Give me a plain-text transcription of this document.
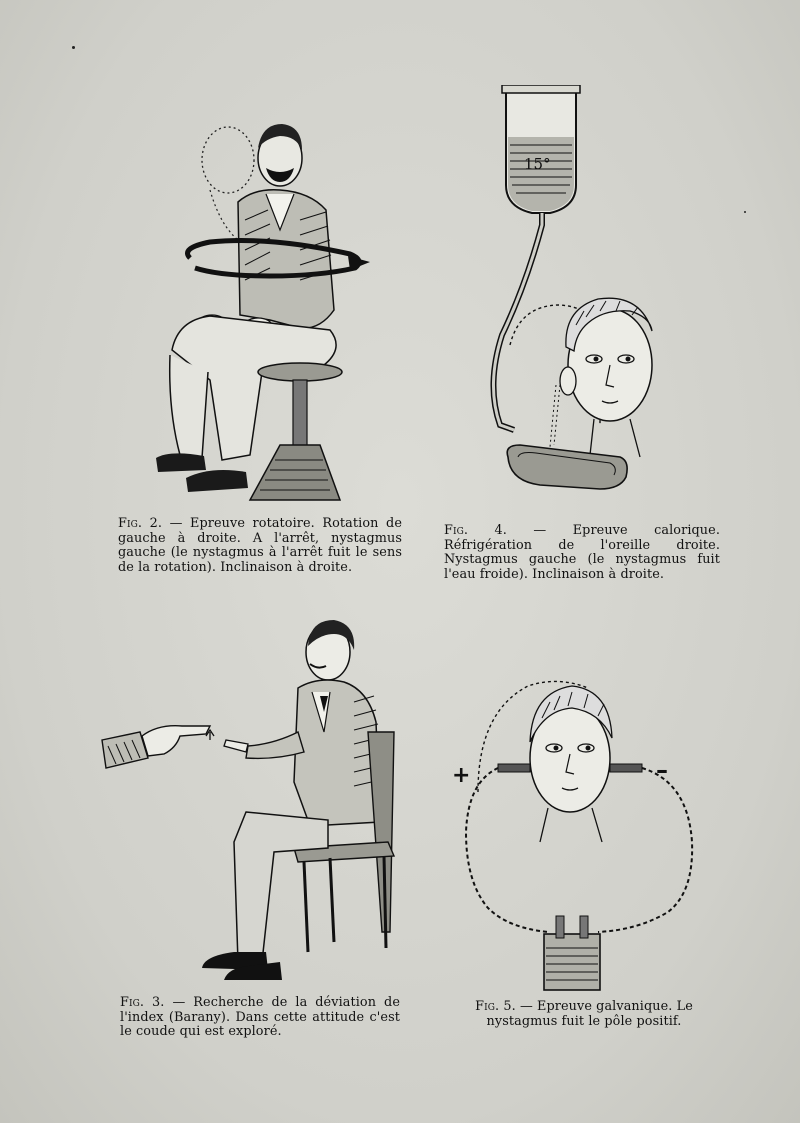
15°
Fig. 2. — Epreuve rotatoire. Rotation de gauche à droite. A l'arrêt, nystagmus gauche (le nystagmus à l'arrêt fuit le sens de la rotation). Inclinaison à droite.
Fig. 4. — Epreuve calorique. Réfrigération de l'oreille droite. Nystagmus gauche (le nystagmus fuit l'eau froide). Inclinaison à droite.
+	–
Fig. 3. — Recherche de la déviation de l'index (Barany). Dans cette attitude c'est le coude qui est exploré.
Fig. 5. — Epreuve galvanique. Le nystagmus fuit le pôle positif.
